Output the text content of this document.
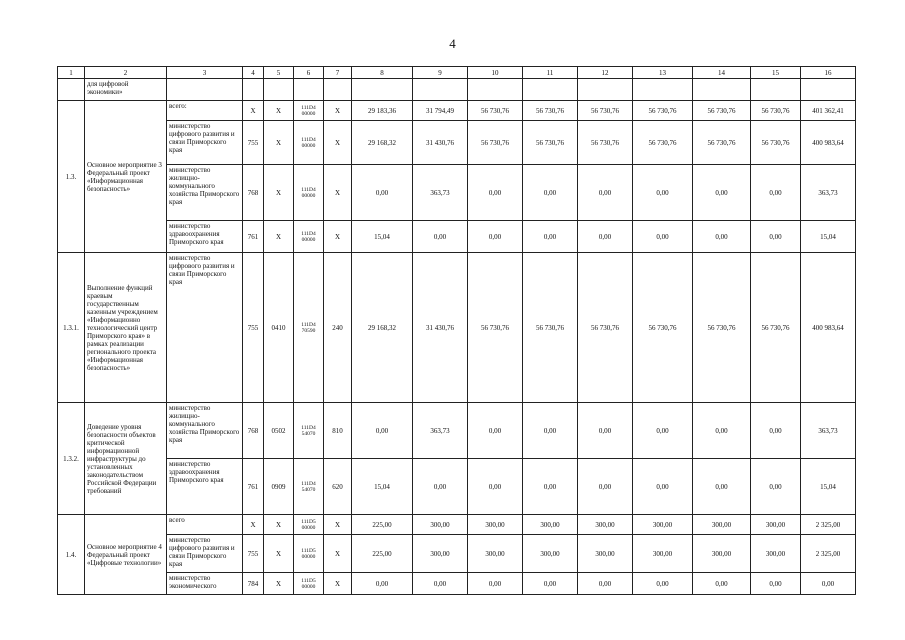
4
1	2	3	4	5	6	7	8	9	10	11	12	13	14	15	16
	для цифровой экономики»														
1.3.	Основное мероприятие 3 Федеральный проект «Информационная безопасность»	всего:	X	X	111D4 00000	X	29 183,36	31 794,49	56 730,76	56 730,76	56 730,76	56 730,76	56 730,76	56 730,76	401 362,41
		министерство цифрового развития и связи Приморского края	755	X	111D4 00000	X	29 168,32	31 430,76	56 730,76	56 730,76	56 730,76	56 730,76	56 730,76	56 730,76	400 983,64
		министерство жилищно-коммунального хозяйства Приморского края	768	X	111D4 00000	X	0,00	363,73	0,00	0,00	0,00	0,00	0,00	0,00	363,73
		министерство здравоохранения Приморского края	761	X	111D4 00000	X	15,04	0,00	0,00	0,00	0,00	0,00	0,00	0,00	15,04
1.3.1.	Выполнение функций краевым государственным казенным учреждением «Информационно технологический центр Приморского края» в рамках реализации регионального проекта «Информационная безопасность»	министерство цифрового развития и связи Приморского края	755	0410	111D4 70590	240	29 168,32	31 430,76	56 730,76	56 730,76	56 730,76	56 730,76	56 730,76	56 730,76	400 983,64
1.3.2.	Доведение уровня безопасности объектов критической информационной инфраструктуры до установленных законодательством Российской Федерации требований	министерство жилищно-коммунального хозяйства Приморского края	768	0502	111D4 54070	810	0,00	363,73	0,00	0,00	0,00	0,00	0,00	0,00	363,73
		министерство здравоохранения Приморского края	761	0909	111D4 54070	620	15,04	0,00	0,00	0,00	0,00	0,00	0,00	0,00	15,04
1.4.	Основное мероприятие 4 Федеральный проект «Цифровые технологии»	всего	X	X	111D5 00000	X	225,00	300,00	300,00	300,00	300,00	300,00	300,00	300,00	2 325,00
		министерство цифрового развития и связи Приморского края	755	X	111D5 00000	X	225,00	300,00	300,00	300,00	300,00	300,00	300,00	300,00	2 325,00
		министерство экономического	784	X	111D5 00000	X	0,00	0,00	0,00	0,00	0,00	0,00	0,00	0,00	0,00
